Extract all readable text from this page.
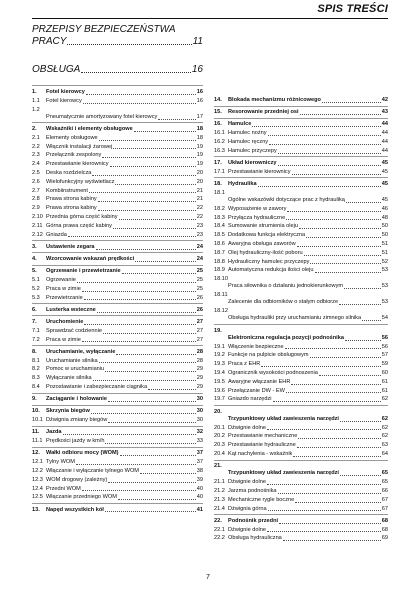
SPIS TREŚCI
PRZEPISY BEZPIECZEŃSTWA
PRACY	11
OBSŁUGA	16
1.	Fotel kierowcy	16
1.1	Fotel kierowcy	16
1.2
Pneumatycznie amortyzowany fotel kierowcy	17
2.	Wskaźniki i elementy obsługowe	18
2.1	Elementy obsługowe	18
2.2	Włącznik instalacji żarowej	19
2.3	Przełącznik zespolony	19
2.4	Przestawianie kierownicy	19
2.5	Deska rozdzielcza	20
2.6	Wielofunkcyjny wyświetlacz	20
2.7	Kombiinstrument	21
2.8	Prawa strona kabiny	21
2.9	Prawa strona kabiny	22
2.10 Przednia górna część kabiny	22
2.11 Górna prawa część kabiny	23
2.12 Gniazda	23
3.	Ustawienie zegara	24
4.	Wzorcowanie wskazań prędkości	24
5.	Ogrzewanie i przewietrzanie	25
5.1	Ogrzewanie	25
5.2	Praca w zimie	25
5.3	Przewietrzanie	26
6.	Lusterka wsteczne	26
7.	Uruchomienie	27
7.1	Sprawdzać codziennie	27
7.2	Praca w zimie	27
8.	Uruchamianie, wyłączanie	28
8.1	Uruchamianie silnika	28
8.2	Pomoc w uruchamianiu	29
8.3	Wyłączanie silnika	29
8.4	Pozostawianie i zabezpieczanie ciągnika	29
9.	Zaciąganie i holowanie	30
10.	Skrzynia biegów	30
10.1 Dźwignia zmiany biegów	30
11.	Jazda	32
11.1 Prędkości jazdy w km/h	33
12.	Wałki odbioru mocy (WOM)	37
12.1 Tylny WOM	37
12.2 Włączanie i wyłączanie tylnego WOM	38
12.3 WOM drogowy (zależny)	39
12.4 Przedni WOM	40
12.5 Włączanie przedniego WOM	40
13.	Napęd wszystkich kół	41
14.	Blokada mechanizmu różnicowego	42
15.	Resorowanie przedniej osi	43
16.	Hamulce	44
16.1 Hamulec nożny	44
16.2 Hamulec ręczny	44
16.3 Hamulec przyczepy	44
17.	Układ kierowniczy	45
17.1 Przestawianie kierownicy	45
18.	Hydraulika	45
18.1
Ogólne wskazówki dotyczące prac z hydrauliką	45
18.2 Wyposażenie w zawory	46
18.3 Przyłącza hydrauliczne	48
18.4 Sumowanie strumienia oleju	50
18.5 Dodatkowa funkcja elektryczna	50
18.6 Awaryjna obsługa zaworów	51
18.7 Olej hydrauliczny-ilość poboru	51
18.8 Hydrauliczny hamulec przyczepy	52
18.9 Automatyczna redukcja ilości oleju	53
18.10
Praca siłownika o działaniu jednokierunkowym	53
18.11
Zalecenie dla odbiorników o stałym odbiorze	53
18.12
Obsługa hydrauliki przy uruchamianiu zimnego silnika	54
19.
Elektroniczna regulacja pozycji podnośnika	56
19.1 Włączenie bezpieczne	56
19.2 Funkcje na pulpicie obsługowym	57
19.3 Praca z EHR	59
19.4 Ogranicznik wysokości podnoszenia	60
19.5 Awaryjne włączanie EHR	61
19.6 Przełączanie DW - EW	61
19.7 Gniazdo narzędzi	62
20.
Trzypunktowy układ zawieszenia narzędzi	62
20.1 Dźwignie dolne	62
20.2 Przestawianie mechaniczne	62
20.3 Przestawianie hydrauliczne	63
20.4 Kąt nachylenia - wskaźnik	64
21.
Trzypunktowy układ zawieszenia narzędzi	65
21.1 Dźwignie dolne	65
21.2 Jarzma podnośnika	66
21.3 Mechaniczne rygle boczne	67
21.4 Dźwignia górna	67
22.	Podnośnik przedni	68
22.1 Dźwignie dolne	68
22.2 Obsługa hydrauliczna	69
7
